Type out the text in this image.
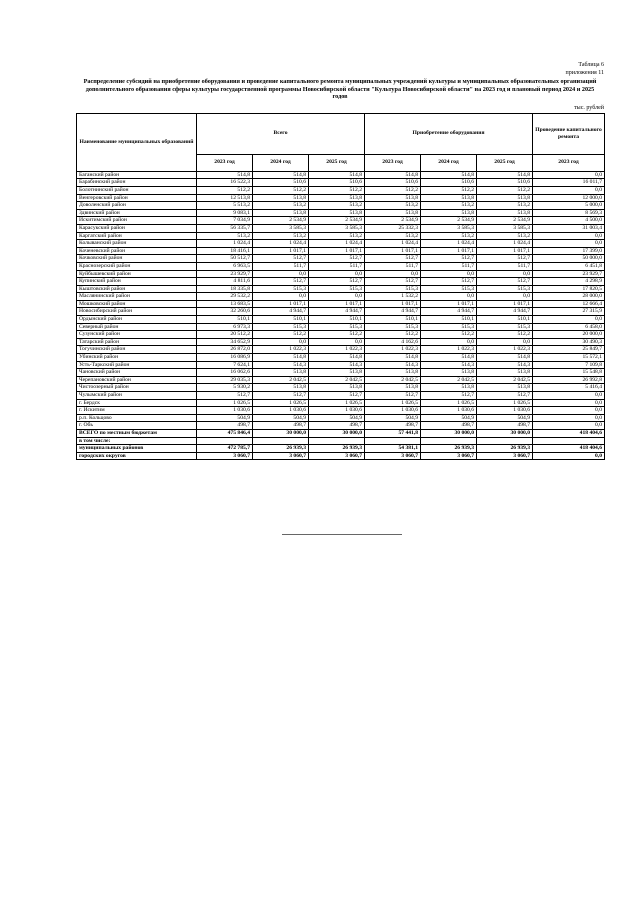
Таблица 6
приложения 11
Распределение субсидий на приобретение оборудования и проведение капитального ремонта муниципальных учреждений культуры и муниципальных образовательных организаций дополнительного образования сферы культуры государственной программы Новосибирской области "Культура Новосибирской области" на 2023 год и плановый период 2024 и 2025 годов
тыс. рублей
Наименование муниципальных образований	Всего			Приобретение оборудования			Проведение капитального ремонта
	2023 год	2024 год	2025 год	2023 год	2024 год	2025 год	2023 год
Баганский район	514,8	514,8	514,8	514,8	514,8	514,8	0,0
Барабинский район	16 522,3	510,6	510,6	510,6	510,6	510,6	16 011,7
Болотнинский район	512,2	512,2	512,2	512,2	512,2	512,2	0,0
Венгеровский район	12 513,8	513,8	513,8	513,8	513,8	513,8	12 000,0
Доволенский район	5 513,2	513,2	513,2	513,2	513,2	513,2	5 000,0
Здвинский район	9 083,1	513,8	513,8	513,8	513,8	513,8	8 569,3
Искитимский район	7 034,9	2 534,9	2 534,9	2 534,9	2 534,9	2 534,9	4 500,0
Карасукский район	56 335,7	3 585,3	3 585,3	25 332,3	3 585,3	3 585,3	31 003,4
Каргатский район	513,2	513,2	513,2	513,2	513,2	513,2	0,0
Колыванский район	1 024,4	1 024,4	1 024,4	1 024,4	1 024,4	1 024,4	0,0
Коченевский район	18 416,1	1 017,1	1 017,1	1 017,1	1 017,1	1 017,1	17 399,0
Кочковский район	50 512,7	512,7	512,7	512,7	512,7	512,7	50 000,0
Краснозерский район	6 963,5	511,7	511,7	511,7	511,7	511,7	6 451,8
Куйбышевский район	23 929,7	0,0	0,0	0,0	0,0	0,0	23 929,7
Купинский район	4 811,6	512,7	512,7	512,7	512,7	512,7	4 298,9
Кыштовский район	18 335,8	515,3	515,3	515,3	515,3	515,3	17 820,5
Маслянинский район	29 532,2	0,0	0,0	1 532,2	0,0	0,0	28 000,0
Мошковский район	13 683,5	1 017,1	1 017,1	1 017,1	1 017,1	1 017,1	12 666,4
Новосибирский район	32 260,6	4 944,7	4 944,7	4 944,7	4 944,7	4 944,7	27 315,9
Ордынский район	510,1	510,1	510,1	510,1	510,1	510,1	0,0
Северный район	6 973,3	515,3	515,3	515,3	515,3	515,3	6 458,0
Сузунский район	20 512,2	512,2	512,2	512,2	512,2	512,2	20 000,0
Татарский район	34 652,9	0,0	0,0	4 162,6	0,0	0,0	30 490,3
Тогучинский район	26 872,0	1 022,3	1 022,3	1 022,3	1 022,3	1 022,3	25 849,7
Убинский район	16 086,9	514,8	514,8	514,8	514,8	514,8	15 572,1
Усть-Таркский район	7 624,1	514,3	514,3	514,3	514,3	514,3	7 109,8
Чановский район	16 062,6	513,8	513,8	513,8	513,8	513,8	15 548,8
Черепановский район	29 035,3	2 042,5	2 042,5	2 042,5	2 042,5	2 042,5	26 992,8
Чистоозерный район	5 930,2	513,8	513,8	513,8	513,8	513,8	5 416,4
Чулымский район	512,7	512,7	512,7	512,7	512,7	512,7	0,0
г. Бердск	1 026,5	1 026,5	1 026,5	1 026,5	1 026,5	1 026,5	0,0
г. Искитим	1 030,6	1 030,6	1 030,6	1 030,6	1 030,6	1 030,6	0,0
р.п. Кольцово	504,9	504,9	504,9	504,9	504,9	504,9	0,0
г. Обь	498,7	498,7	498,7	498,7	498,7	498,7	0,0
ВСЕГО по местным бюджетам	475 846,4	30 000,0	30 000,0	57 441,8	30 000,0	30 000,0	418 404,6
в том числе:							
муниципальных районов	472 785,7	26 939,3	26 939,3	54 381,1	26 939,3	26 939,3	418 404,6
городских округов	3 060,7	3 060,7	3 060,7	3 060,7	3 060,7	3 060,7	0,0
